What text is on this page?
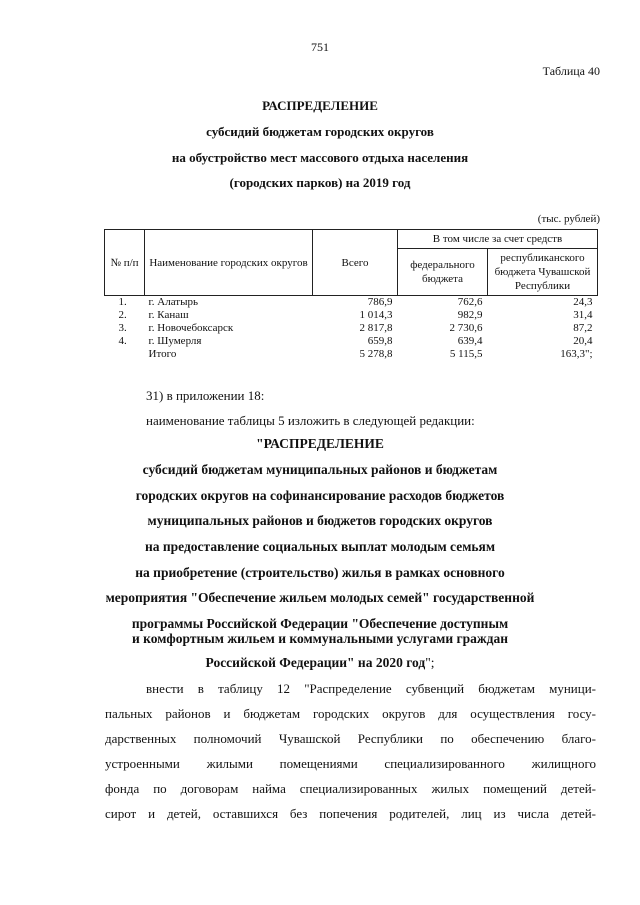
751
Таблица 40
РАСПРЕДЕЛЕНИЕ
субсидий бюджетам городских округов
на обустройство мест массового отдыха населения
(городских парков) на 2019 год
(тыс. рублей)
№ п/п	Наименование городских округов	Всего	В том числе за счет средств	
			федерального бюджета	республиканского бюджета Чувашской Республики
1.	г. Алатырь	786,9	762,6	24,3
2.	г. Канаш	1 014,3	982,9	31,4
3.	г. Новочебоксарск	2 817,8	2 730,6	87,2
4.	г. Шумерля	659,8	639,4	20,4
	Итого	5 278,8	5 115,5	163,3";
31) в приложении 18:
наименование таблицы 5 изложить в следующей редакции:
"РАСПРЕДЕЛЕНИЕ
субсидий бюджетам муниципальных районов и бюджетам
городских округов на софинансирование расходов бюджетов
муниципальных районов и бюджетов городских округов
на предоставление социальных выплат молодым семьям
на приобретение (строительство) жилья в рамках основного
мероприятия "Обеспечение жильем молодых семей" государственной
программы Российской Федерации "Обеспечение доступным
и комфортным жильем и коммунальными услугами граждан
Российской Федерации" на 2020 год";
внести в таблицу 12 "Распределение субвенций бюджетам муници-
пальных районов и бюджетам городских округов для осуществления госу-
дарственных полномочий Чувашской Республики по обеспечению благо-
устроенными жилыми помещениями специализированного жилищного
фонда по договорам найма специализированных жилых помещений детей-
сирот и детей, оставшихся без попечения родителей, лиц из числа детей-
